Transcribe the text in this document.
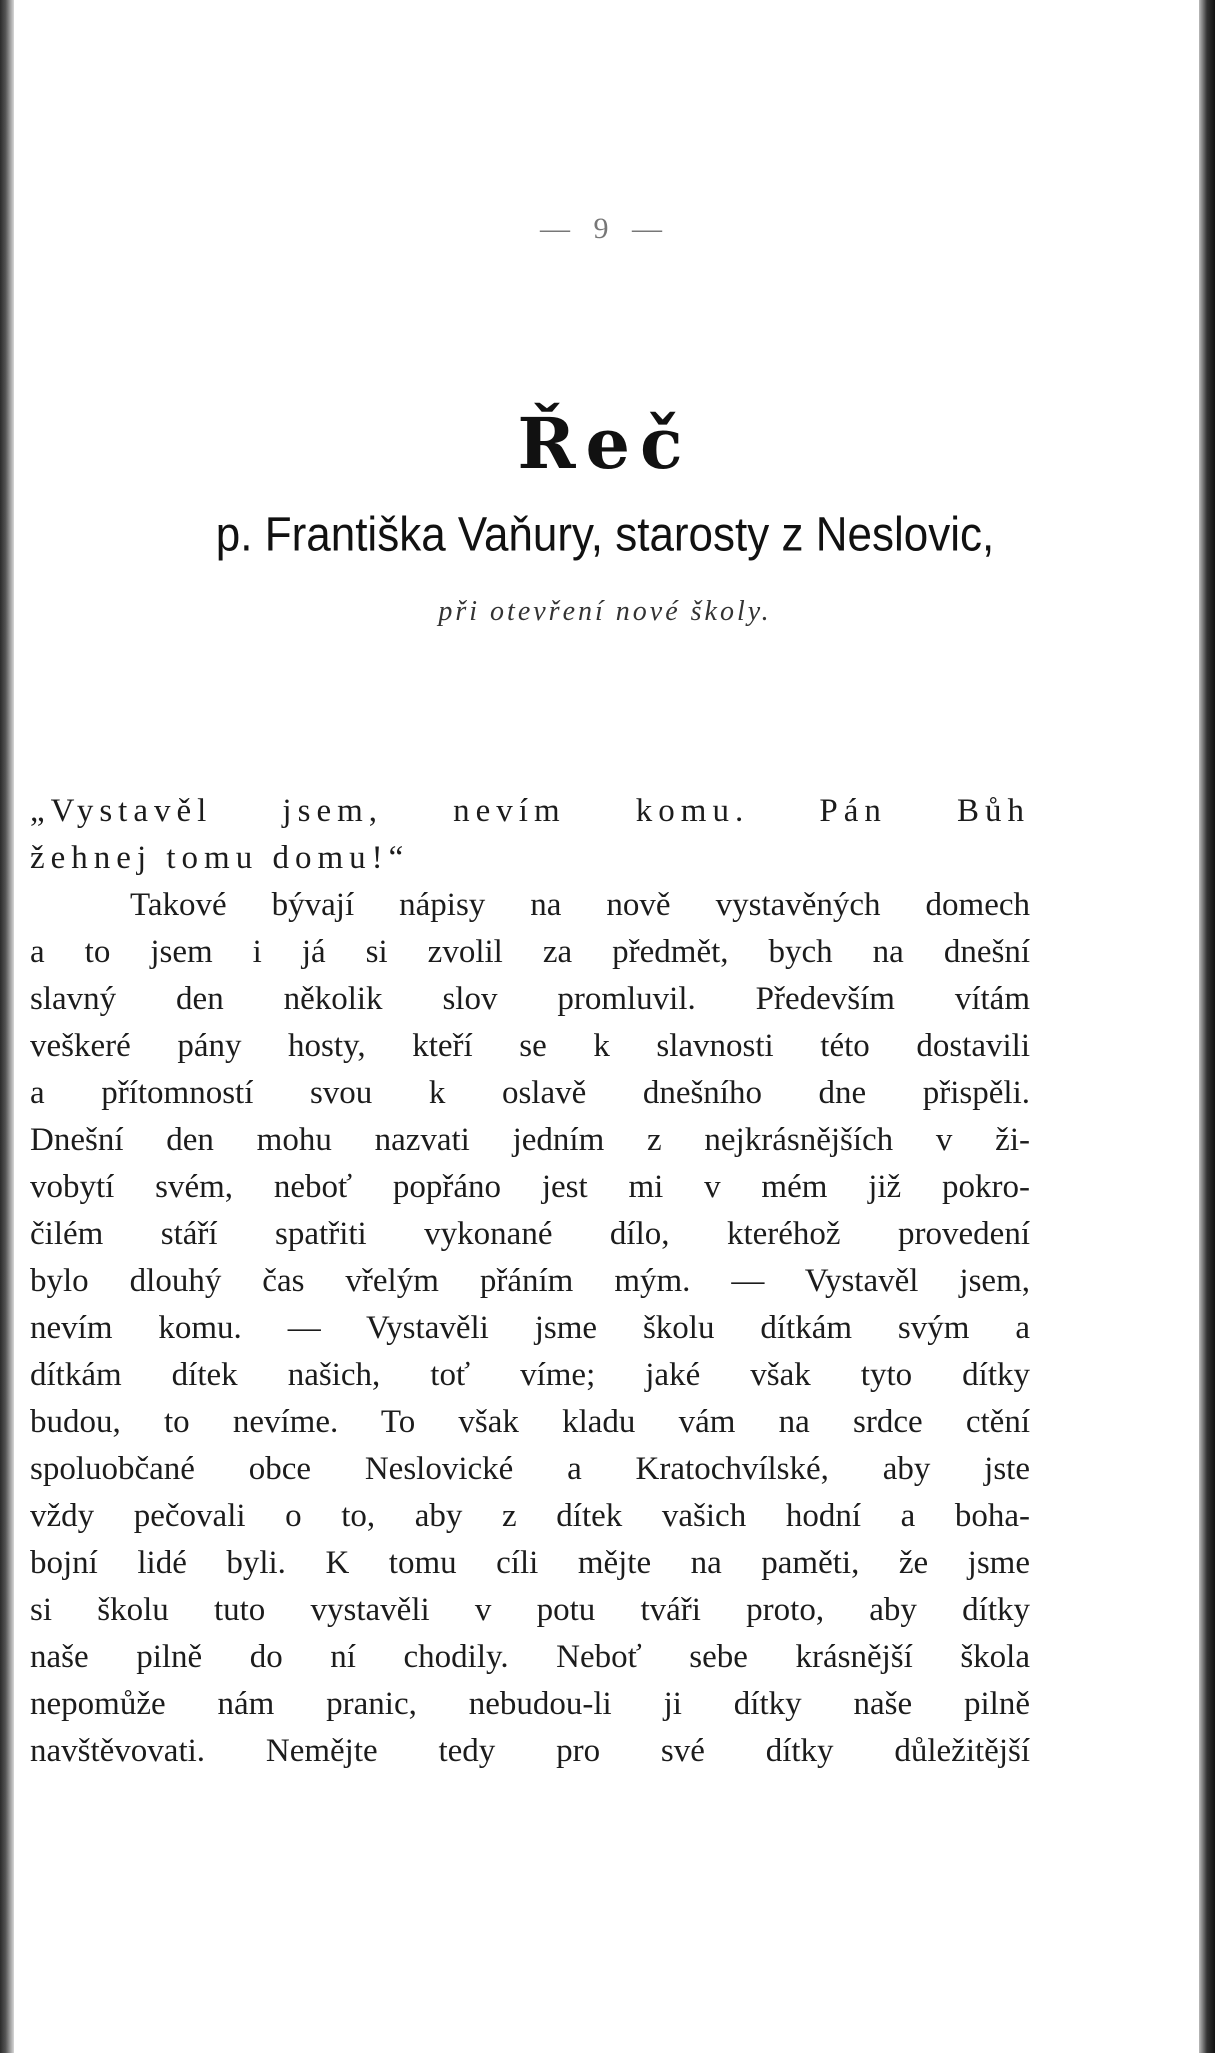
— 9 —
Řeč
p. Františka Vaňury, starosty z Neslovic,
při otevření nové školy.
„Vystavěl jsem, nevím komu. Pán Bůh
žehnej tomu domu!“
Takové bývají nápisy na nově vystavěných domech
a to jsem i já si zvolil za předmět, bych na dnešní
slavný den několik slov promluvil. Především vítám
veškeré pány hosty, kteří se k slavnosti této dostavili
a přítomností svou k oslavě dnešního dne přispěli.
Dnešní den mohu nazvati jedním z nejkrásnějších v ži-
vobytí svém, neboť popřáno jest mi v mém již pokro-
čilém stáří spatřiti vykonané dílo, kteréhož provedení
bylo dlouhý čas vřelým přáním mým. — Vystavěl jsem,
nevím komu. — Vystavěli jsme školu dítkám svým a
dítkám dítek našich, toť víme; jaké však tyto dítky
budou, to nevíme. To však kladu vám na srdce ctění
spoluobčané obce Neslovické a Kratochvílské, aby jste
vždy pečovali o to, aby z dítek vašich hodní a boha-
bojní lidé byli. K tomu cíli mějte na paměti, že jsme
si školu tuto vystavěli v potu tváři proto, aby dítky
naše pilně do ní chodily. Neboť sebe krásnější škola
nepomůže nám pranic, nebudou-li ji dítky naše pilně
navštěvovati. Nemějte tedy pro své dítky důležitější
